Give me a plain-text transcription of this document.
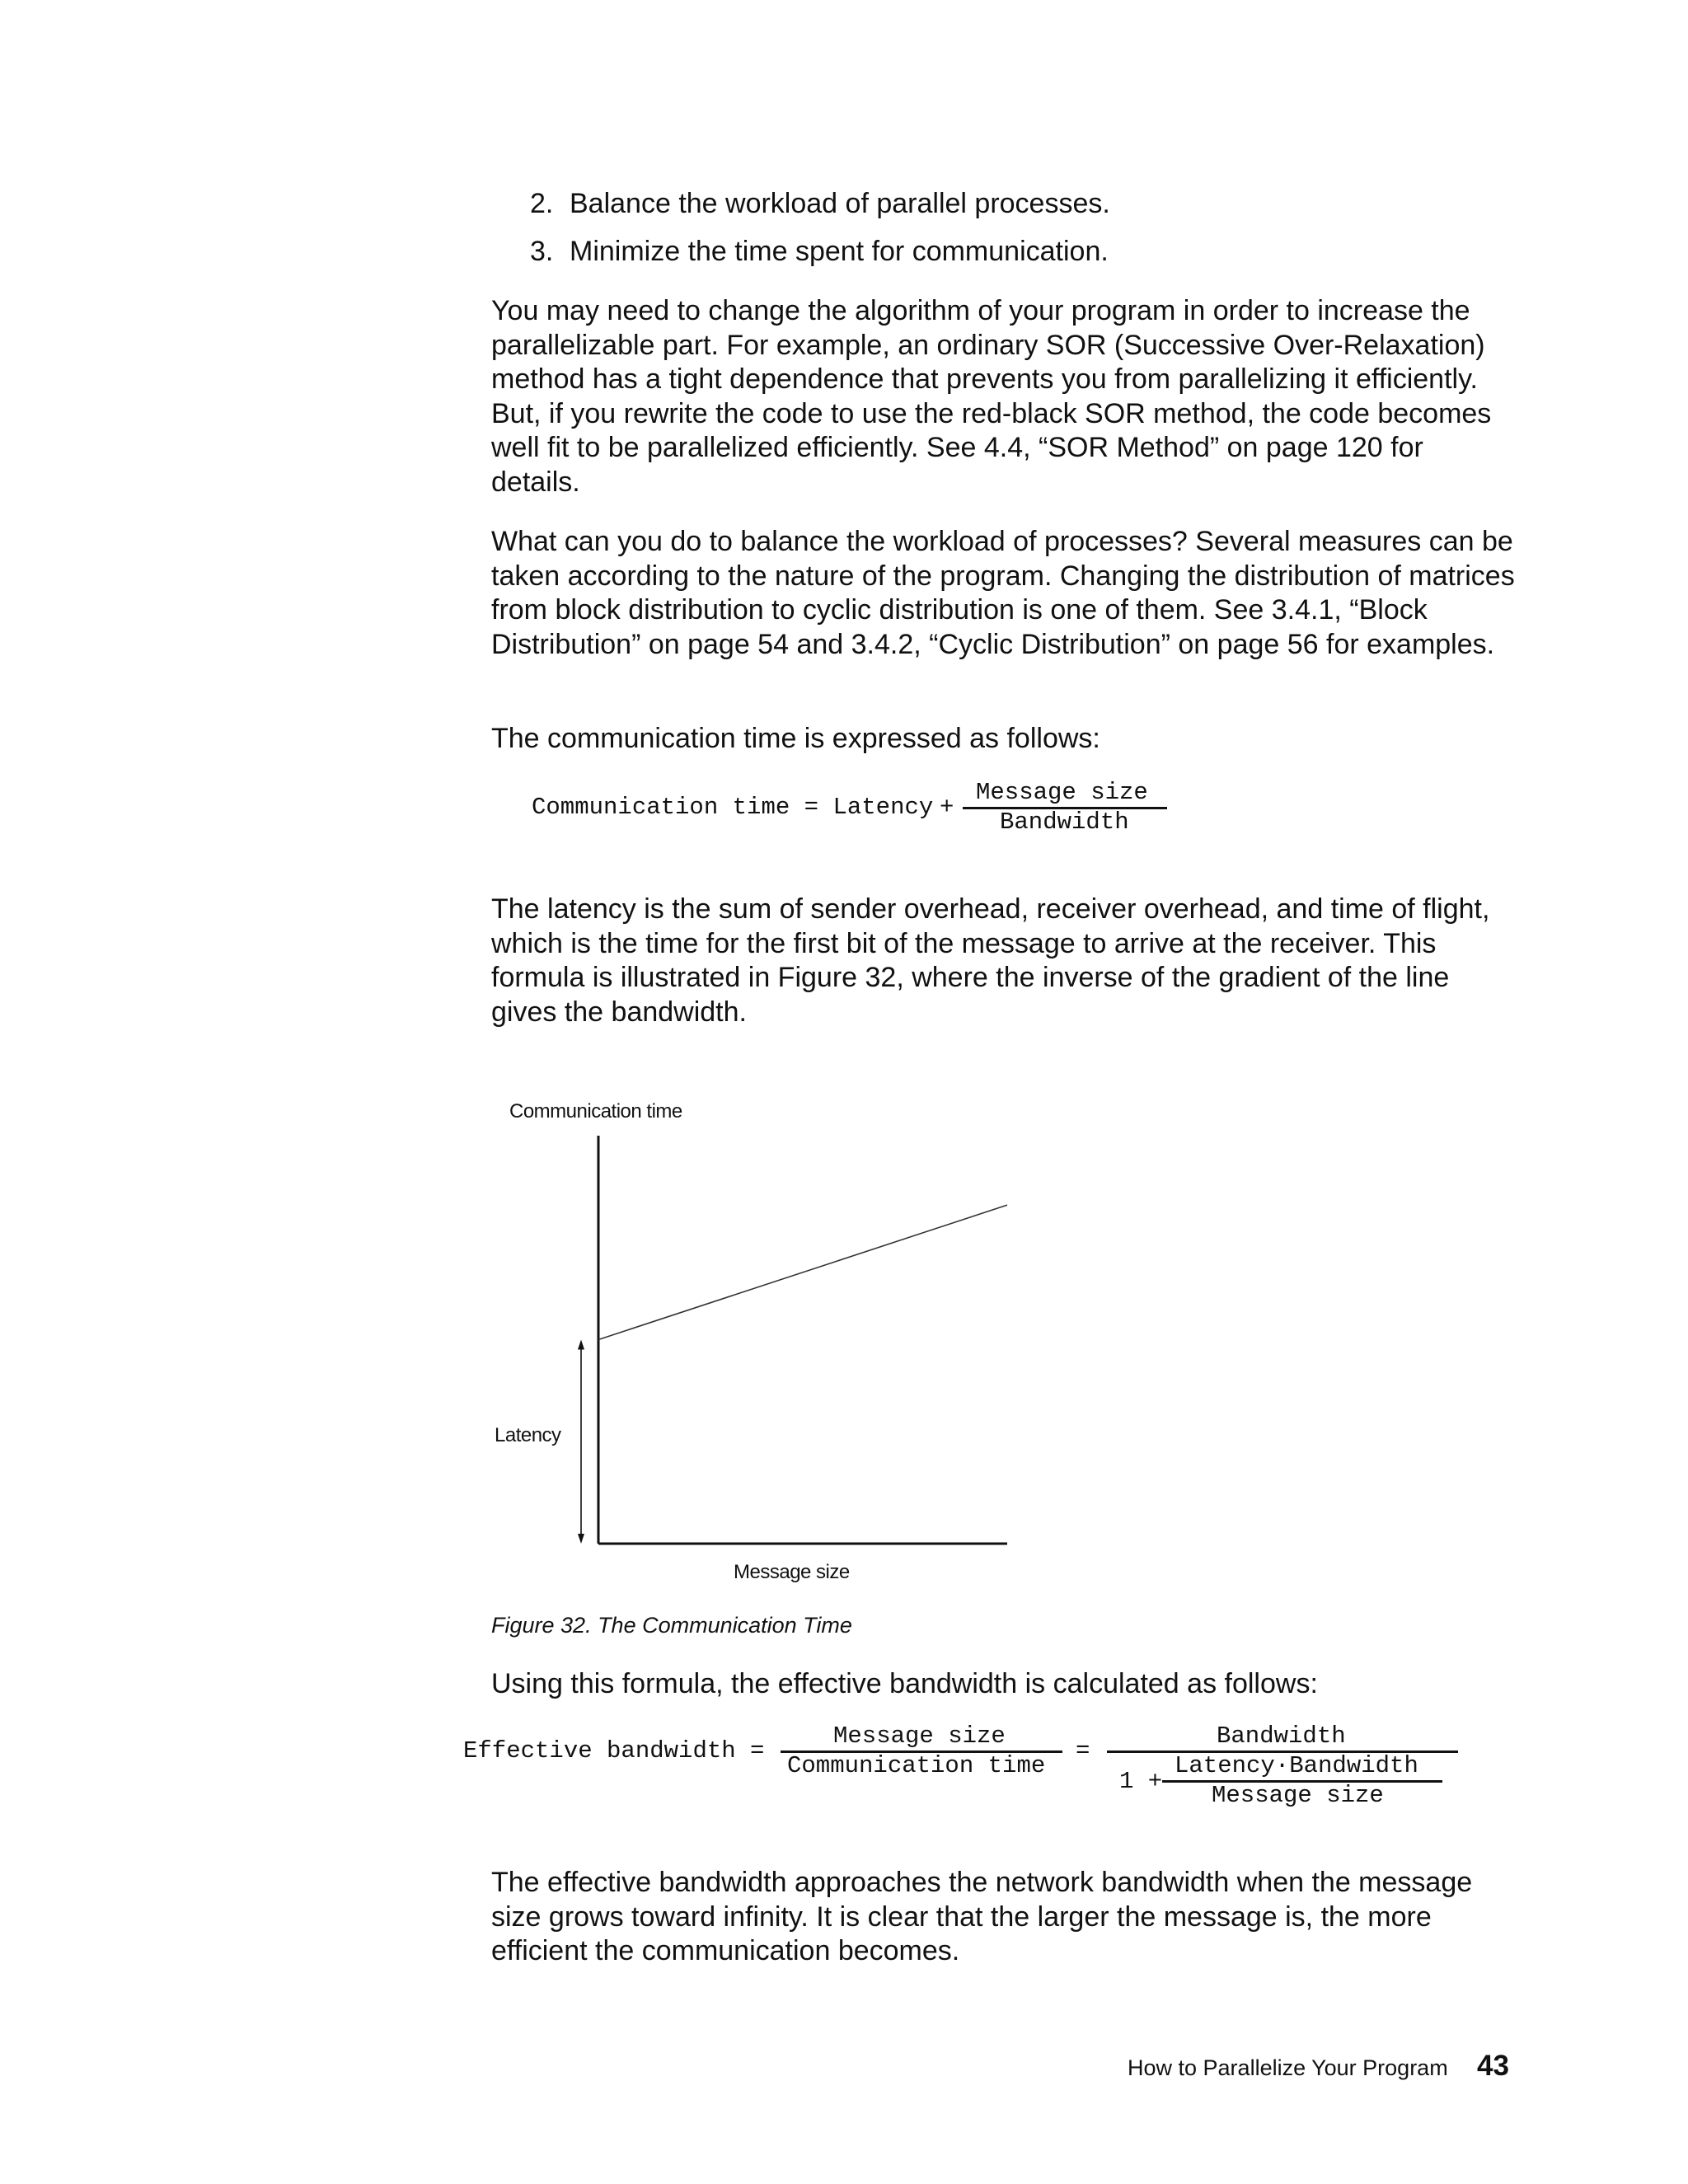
2. Balance the workload of parallel processes.
3. Minimize the time spent for communication.

You may need to change the algorithm of your program in order to increase the parallelizable part. For example, an ordinary SOR (Successive Over-Relaxation) method has a tight dependence that prevents you from parallelizing it efficiently. But, if you rewrite the code to use the red-black SOR method, the code becomes well fit to be parallelized efficiently. See 4.4, “SOR Method” on page 120 for details.

What can you do to balance the workload of processes? Several measures can be taken according to the nature of the program. Changing the distribution of matrices from block distribution to cyclic distribution is one of them. See 3.4.1, “Block Distribution” on page 54 and 3.4.2, “Cyclic Distribution” on page 56 for examples.

The communication time is expressed as follows:

Communication time = Latency +
Message size
Bandwidth

The latency is the sum of sender overhead, receiver overhead, and time of flight, which is the time for the first bit of the message to arrive at the receiver. This formula is illustrated in Figure 32, where the inverse of the gradient of the line gives the bandwidth.

Communication time
Latency
Message size
Figure 32. The Communication Time

Using this formula, the effective bandwidth is calculated as follows:

Effective bandwidth =
Message size
Communication time
=
Bandwidth
1 +
Latency·Bandwidth
Message size

The effective bandwidth approaches the network bandwidth when the message size grows toward infinity. It is clear that the larger the message is, the more efficient the communication becomes.

How to Parallelize Your Program 43
